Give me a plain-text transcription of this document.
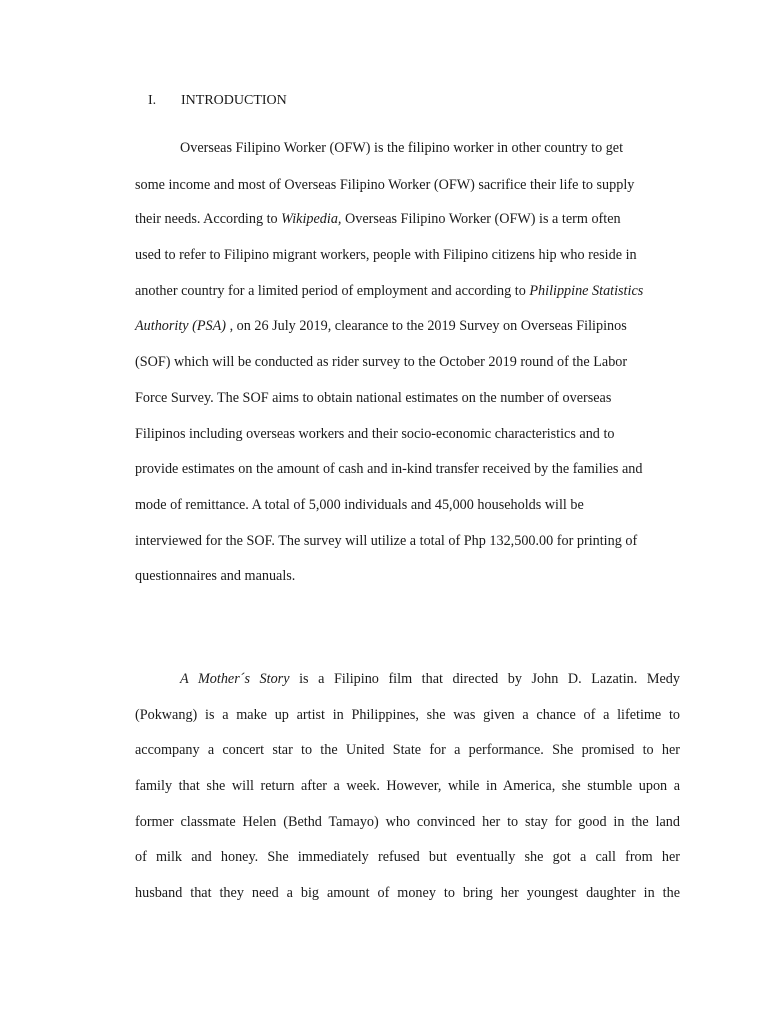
I. INTRODUCTION
Overseas Filipino Worker (OFW) is the filipino worker in other country to get
some income and most of Overseas Filipino Worker (OFW) sacrifice their life to supply
their needs. According to Wikipedia, Overseas Filipino Worker (OFW) is a term often
used to refer to Filipino migrant workers, people with Filipino citizens hip who reside in
another country for a limited period of employment and according to Philippine Statistics
Authority (PSA) , on 26 July 2019, clearance to the 2019 Survey on Overseas Filipinos
(SOF) which will be conducted as rider survey to the October 2019 round of the Labor
Force Survey. The SOF aims to obtain national estimates on the number of overseas
Filipinos including overseas workers and their socio-economic characteristics and to
provide estimates on the amount of cash and in-kind transfer received by the families and
mode of remittance. A total of 5,000 individuals and 45,000 households will be
interviewed for the SOF. The survey will utilize a total of Php 132,500.00 for printing of
questionnaires and manuals.
A Mother´s Story is a Filipino film that directed by John D. Lazatin. Medy
(Pokwang) is a make up artist in Philippines, she was given a chance of a lifetime to
accompany a concert star to the United State for a performance. She promised to her
family that she will return after a week. However, while in America, she stumble upon a
former classmate Helen (Bethd Tamayo) who convinced her to stay for good in the land
of milk and honey. She immediately refused but eventually she got a call from her
husband that they need a big amount of money to bring her youngest daughter in the
